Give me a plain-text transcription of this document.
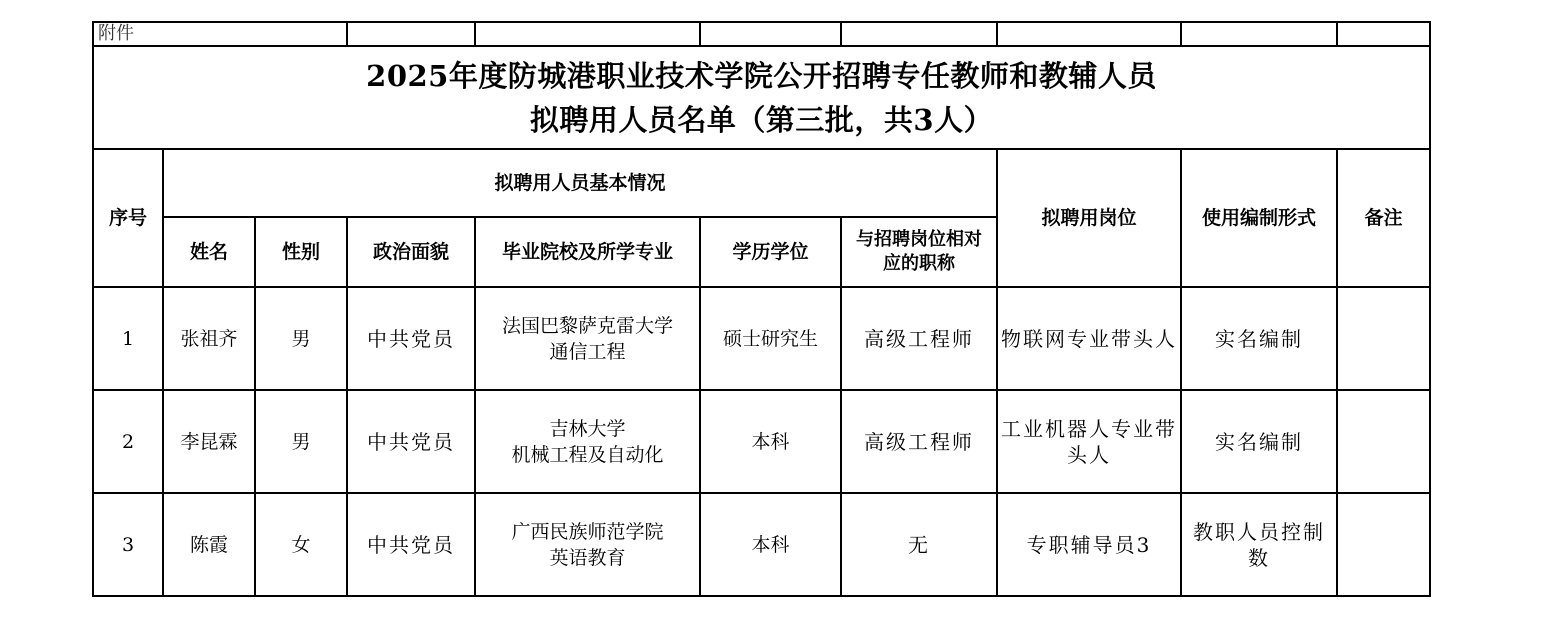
附件									

2025年度防城港职业技术学院公开招聘专任教师和教辅人员
拟聘用人员名单（第三批，共3人）									

序号	拟聘用人员基本情况						拟聘用岗位	使用编制形式	备注
	姓名	性别	政治面貌	毕业院校及所学专业	学历学位	与招聘岗位相对
应的职称			

1	张祖齐	男	中共党员	法国巴黎萨克雷大学
通信工程	硕士研究生	高级工程师	物联网专业带头人	实名编制	

2	李昆霖	男	中共党员	吉林大学
机械工程及自动化	本科	高级工程师	工业机器人专业带
头人	实名编制	

3	陈霞	女	中共党员	广西民族师范学院
英语教育	本科	无	专职辅导员3	教职人员控制
数	
